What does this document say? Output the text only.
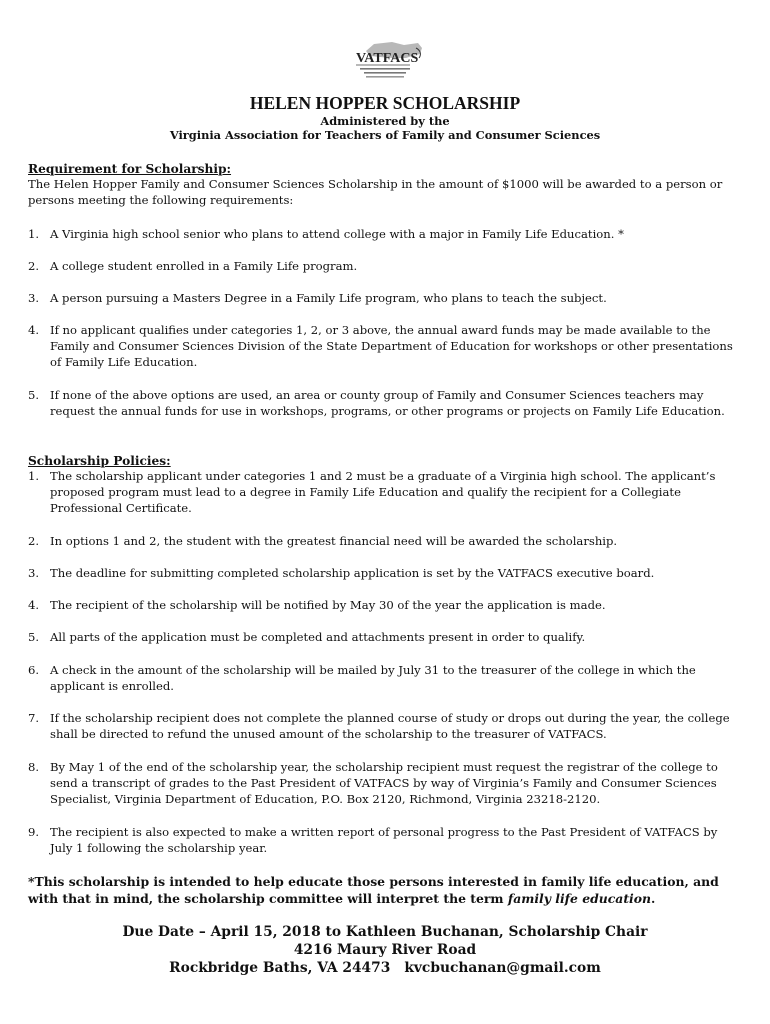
VATFACS
HELEN HOPPER SCHOLARSHIP
Administered by the
Virginia Association for Teachers of Family and Consumer Sciences
Requirement for Scholarship:
The Helen Hopper Family and Consumer Sciences Scholarship in the amount of $1000 will be awarded to a person or persons meeting the following requirements:
1. A Virginia high school senior who plans to attend college with a major in Family Life Education. *
2. A college student enrolled in a Family Life program.
3. A person pursuing a Masters Degree in a Family Life program, who plans to teach the subject.
4. If no applicant qualifies under categories 1, 2, or 3 above, the annual award funds may be made available to the Family and Consumer Sciences Division of the State Department of Education for workshops or other presentations of Family Life Education.
5. If none of the above options are used, an area or county group of Family and Consumer Sciences teachers may request the annual funds for use in workshops, programs, or other programs or projects on Family Life Education.
Scholarship Policies:
1. The scholarship applicant under categories 1 and 2 must be a graduate of a Virginia high school. The applicant’s proposed program must lead to a degree in Family Life Education and qualify the recipient for a Collegiate Professional Certificate.
2. In options 1 and 2, the student with the greatest financial need will be awarded the scholarship.
3. The deadline for submitting completed scholarship application is set by the VATFACS executive board.
4. The recipient of the scholarship will be notified by May 30 of the year the application is made.
5. All parts of the application must be completed and attachments present in order to qualify.
6. A check in the amount of the scholarship will be mailed by July 31 to the treasurer of the college in which the applicant is enrolled.
7. If the scholarship recipient does not complete the planned course of study or drops out during the year, the college shall be directed to refund the unused amount of the scholarship to the treasurer of VATFACS.
8. By May 1 of the end of the scholarship year, the scholarship recipient must request the registrar of the college to send a transcript of grades to the Past President of VATFACS by way of Virginia’s Family and Consumer Sciences Specialist, Virginia Department of Education, P.O. Box 2120, Richmond, Virginia 23218-2120.
9. The recipient is also expected to make a written report of personal progress to the Past President of VATFACS by July 1 following the scholarship year.
*This scholarship is intended to help educate those persons interested in family life education, and with that in mind, the scholarship committee will interpret the term family life education.
Due Date – April 15, 2018 to Kathleen Buchanan, Scholarship Chair
4216 Maury River Road
Rockbridge Baths, VA 24473 kvcbuchanan@gmail.com
